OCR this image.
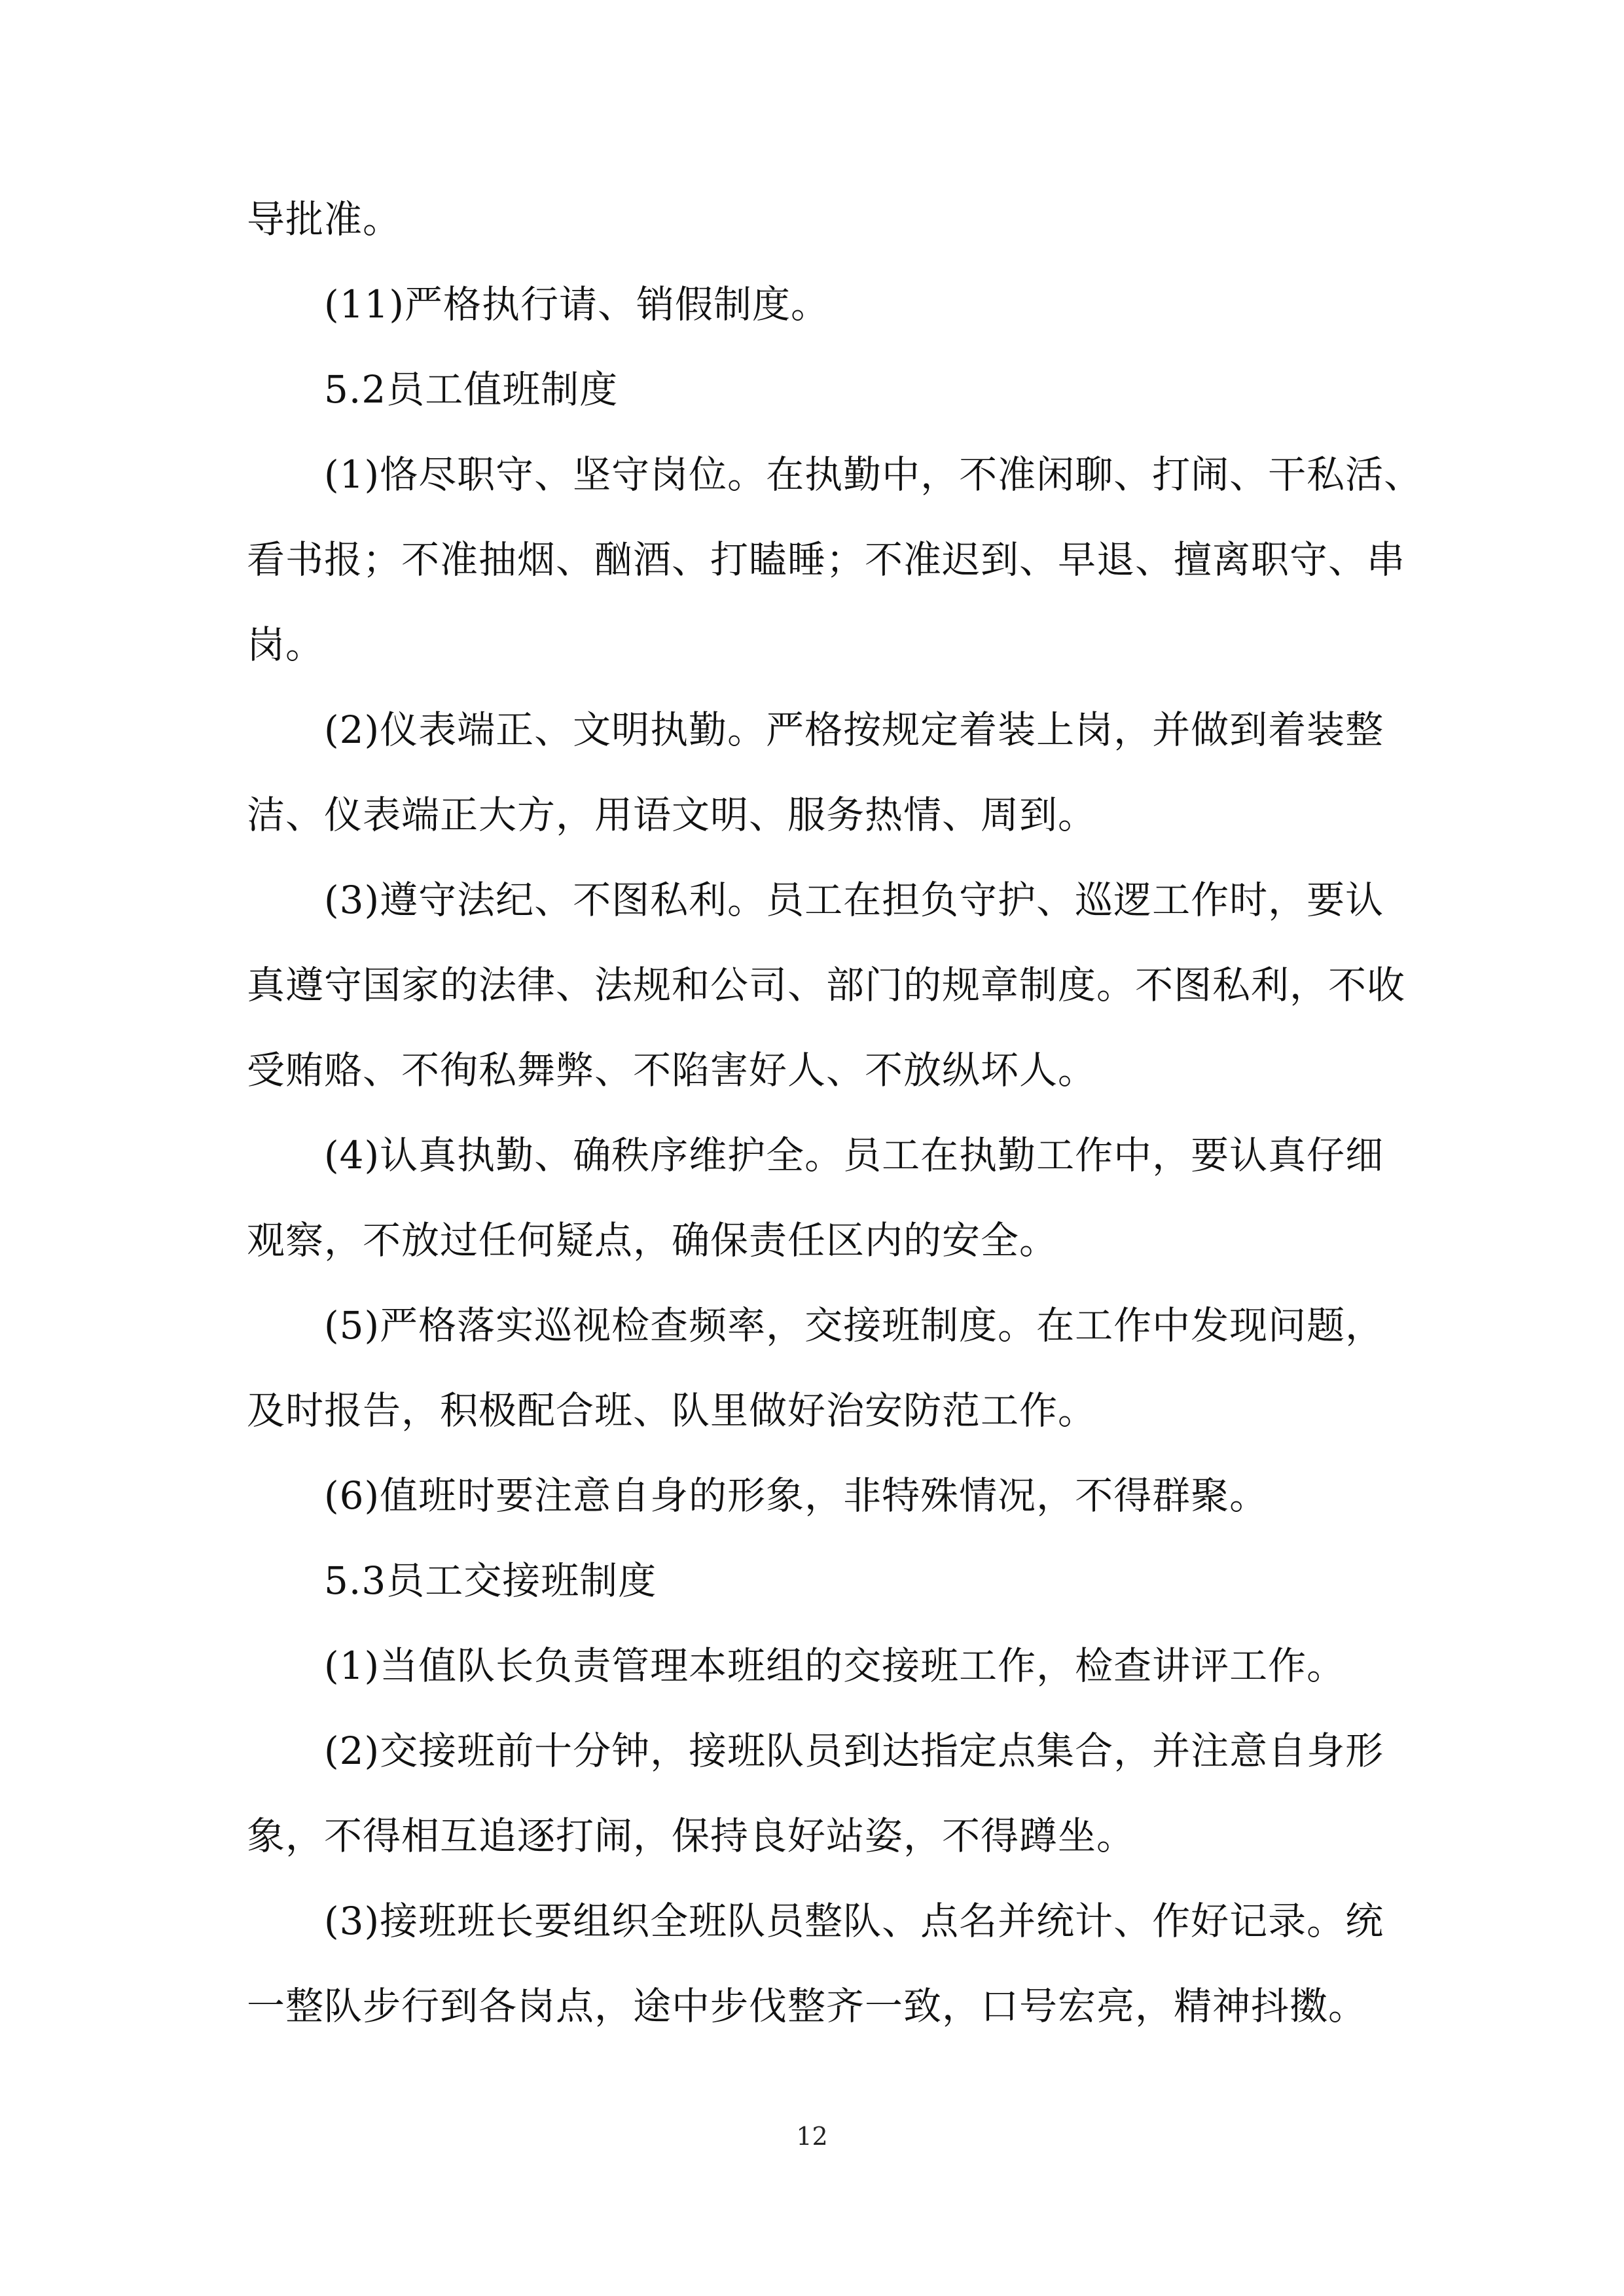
导批准。
(11)严格执行请、销假制度。
5.2员工值班制度
(1)恪尽职守、坚守岗位。在执勤中，不准闲聊、打闹、干私活、
看书报；不准抽烟、酗酒、打瞌睡；不准迟到、早退、擅离职守、串
岗。
(2)仪表端正、文明执勤。严格按规定着装上岗，并做到着装整
洁、仪表端正大方，用语文明、服务热情、周到。
(3)遵守法纪、不图私利。员工在担负守护、巡逻工作时，要认
真遵守国家的法律、法规和公司、部门的规章制度。不图私利，不收
受贿赂、不徇私舞弊、不陷害好人、不放纵坏人。
(4)认真执勤、确秩序维护全。员工在执勤工作中，要认真仔细
观察，不放过任何疑点，确保责任区内的安全。
(5)严格落实巡视检查频率，交接班制度。在工作中发现问题，
及时报告，积极配合班、队里做好治安防范工作。
(6)值班时要注意自身的形象，非特殊情况，不得群聚。
5.3员工交接班制度
(1)当值队长负责管理本班组的交接班工作，检查讲评工作。
(2)交接班前十分钟，接班队员到达指定点集合，并注意自身形
象，不得相互追逐打闹，保持良好站姿，不得蹲坐。
(3)接班班长要组织全班队员整队、点名并统计、作好记录。统
一整队步行到各岗点，途中步伐整齐一致，口号宏亮，精神抖擞。
12
